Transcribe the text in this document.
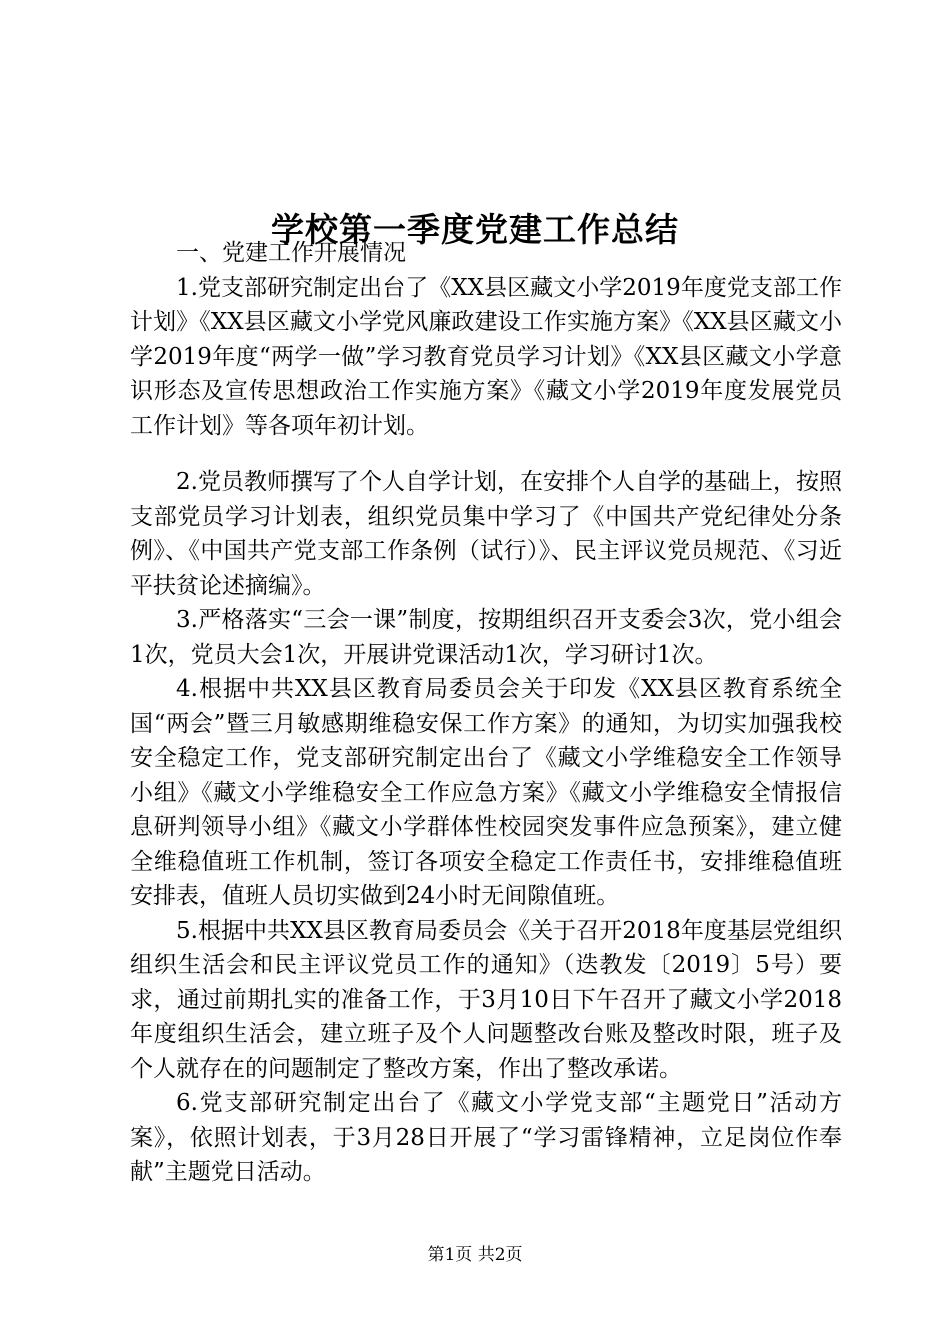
学校第一季度党建工作总结

一、党建工作开展情况

1.党支部研究制定出台了《XX县区藏文小学2019年度党支部工作计划》《XX县区藏文小学党风廉政建设工作实施方案》《XX县区藏文小学2019年度“两学一做”学习教育党员学习计划》《XX县区藏文小学意识形态及宣传思想政治工作实施方案》《藏文小学2019年度发展党员工作计划》等各项年初计划。

2.党员教师撰写了个人自学计划，在安排个人自学的基础上，按照支部党员学习计划表，组织党员集中学习了《中国共产党纪律处分条例》、《中国共产党支部工作条例（试行）》、民主评议党员规范、《习近平扶贫论述摘编》。

3.严格落实“三会一课”制度，按期组织召开支委会3次，党小组会1次，党员大会1次，开展讲党课活动1次，学习研讨1次。

4.根据中共XX县区教育局委员会关于印发《XX县区教育系统全国“两会”暨三月敏感期维稳安保工作方案》的通知，为切实加强我校安全稳定工作，党支部研究制定出台了《藏文小学维稳安全工作领导小组》《藏文小学维稳安全工作应急方案》《藏文小学维稳安全情报信息研判领导小组》《藏文小学群体性校园突发事件应急预案》，建立健全维稳值班工作机制，签订各项安全稳定工作责任书，安排维稳值班安排表，值班人员切实做到24小时无间隙值班。

5.根据中共XX县区教育局委员会《关于召开2018年度基层党组织组织生活会和民主评议党员工作的通知》（迭教发〔2019〕5号）要求，通过前期扎实的准备工作，于3月10日下午召开了藏文小学2018年度组织生活会，建立班子及个人问题整改台账及整改时限，班子及个人就存在的问题制定了整改方案，作出了整改承诺。

6.党支部研究制定出台了《藏文小学党支部“主题党日”活动方案》，依照计划表，于3月28日开展了“学习雷锋精神，立足岗位作奉献”主题党日活动。

第1页 共2页
